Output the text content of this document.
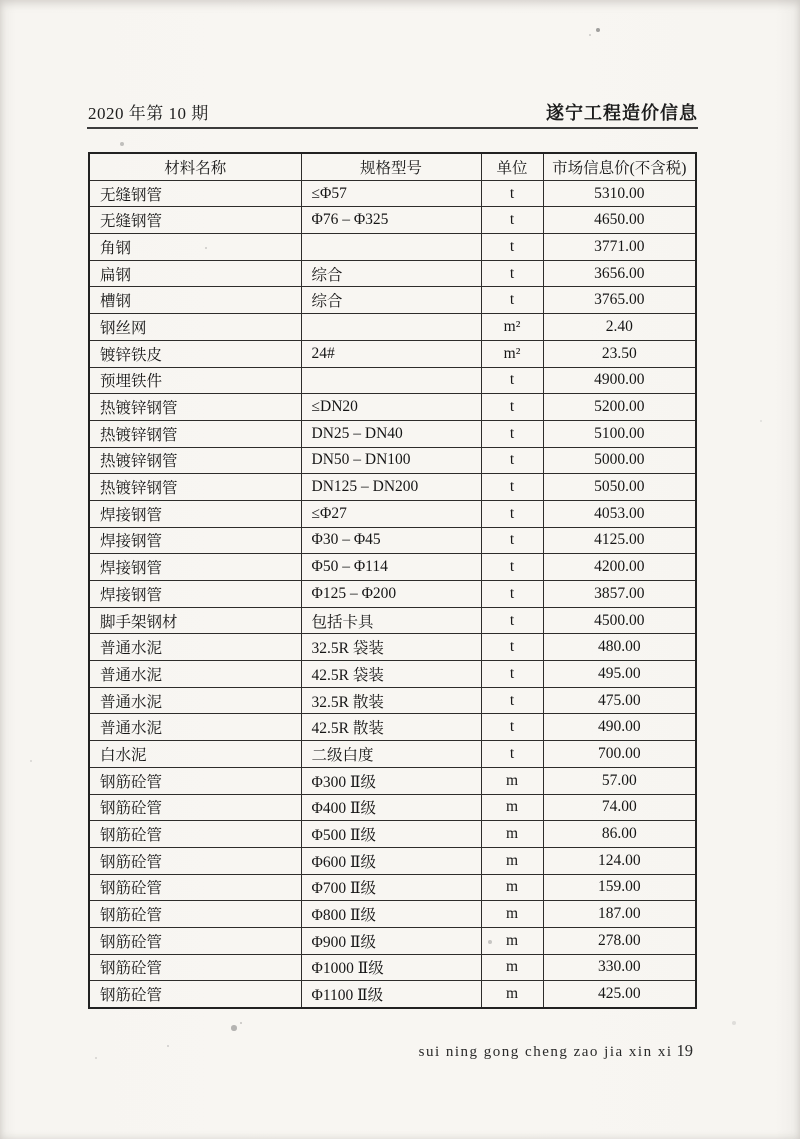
2020 年第 10 期	遂宁工程造价信息
材料名称	规格型号	单位	市场信息价(不含税)
无缝钢管	≤Φ57	t	5310.00
无缝钢管	Φ76 – Φ325	t	4650.00
角钢		t	3771.00
扁钢	综合	t	3656.00
槽钢	综合	t	3765.00
钢丝网		m²	2.40
镀锌铁皮	24#	m²	23.50
预埋铁件		t	4900.00
热镀锌钢管	≤DN20	t	5200.00
热镀锌钢管	DN25 – DN40	t	5100.00
热镀锌钢管	DN50 – DN100	t	5000.00
热镀锌钢管	DN125 – DN200	t	5050.00
焊接钢管	≤Φ27	t	4053.00
焊接钢管	Φ30 – Φ45	t	4125.00
焊接钢管	Φ50 – Φ114	t	4200.00
焊接钢管	Φ125 – Φ200	t	3857.00
脚手架钢材	包括卡具	t	4500.00
普通水泥	32.5R 袋装	t	480.00
普通水泥	42.5R 袋装	t	495.00
普通水泥	32.5R 散装	t	475.00
普通水泥	42.5R 散装	t	490.00
白水泥	二级白度	t	700.00
钢筋砼管	Φ300 Ⅱ级	m	57.00
钢筋砼管	Φ400 Ⅱ级	m	74.00
钢筋砼管	Φ500 Ⅱ级	m	86.00
钢筋砼管	Φ600 Ⅱ级	m	124.00
钢筋砼管	Φ700 Ⅱ级	m	159.00
钢筋砼管	Φ800 Ⅱ级	m	187.00
钢筋砼管	Φ900 Ⅱ级	m	278.00
钢筋砼管	Φ1000 Ⅱ级	m	330.00
钢筋砼管	Φ1100 Ⅱ级	m	425.00
sui ning gong cheng zao jia xin xi 19
